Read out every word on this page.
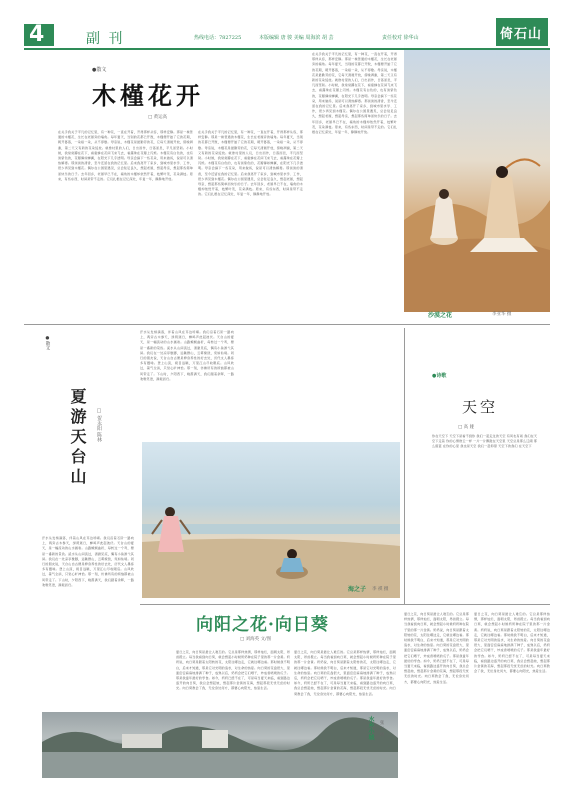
4	副 刊	热线电话：7827225	本版编辑 唐 骏 美编 周海滨 胡 芸	责任校对 徐华山	倚石山
●散文
木槿花开
□ 黄运高
在关乎我关于平凡的记忆里，有一种花，一直在开着，开得那样从容，那样安静。那是一株普通的木槿花，生长在老屋旁的墙角。每年夏天，当别的花都已开败，木槿便开始了它的花期，朝开暮落，一朵接一朵，从不停歇。母亲说，木槿花是最勤劳的花，它每天清晨开放，傍晚凋谢，第二天又有新的花朵绽放。就像村里的人们，日出而作，日落而息，平凡而坚韧。小时候，我常常蹲在花下，看蜜蜂在花间飞来飞去，看露珠在花瓣上闪烁。木槿花有白色的，也有淡紫色的，花瓣薄如蝉翼，在阳光下几乎透明。母亲会摘下一些花朵，用来做汤，说是可以清热解毒。那淡淡的清香，至今还留在我的记忆里。后来我离开了家乡，到城市里求学、工作，很少再见到木槿花。偶尔在公园里遇见，总会驻足良久，想起老屋，想起母亲，想起那些简单而快乐的日子。去年回乡，老屋早已不在，墙角的木槿却依然开着，枝繁叶茂，花朵满枝。原来，有些东西，时间是带不走的。它们扎根在记忆深处，年复一年，静静地开放。
在关乎我关于平凡的记忆里，有一种花，一直在开着，开得那样从容，那样安静。那是一株普通的木槿花，生长在老屋旁的墙角。每年夏天，当别的花都已开败，木槿便开始了它的花期，朝开暮落，一朵接一朵，从不停歇。母亲说，木槿花是最勤劳的花，它每天清晨开放，傍晚凋谢，第二天又有新的花朵绽放。就像村里的人们，日出而作，日落而息，平凡而坚韧。小时候，我常常蹲在花下，看蜜蜂在花间飞来飞去，看露珠在花瓣上闪烁。木槿花有白色的，也有淡紫色的，花瓣薄如蝉翼，在阳光下几乎透明。母亲会摘下一些花朵，用来做汤，说是可以清热解毒。那淡淡的清香，至今还留在我的记忆里。后来我离开了家乡，到城市里求学、工作，很少再见到木槿花。偶尔在公园里遇见，总会驻足良久，想起老屋，想起母亲，想起那些简单而快乐的日子。去年回乡，老屋早已不在，墙角的木槿却依然开着，枝繁叶茂，花朵满枝。原来，有些东西，时间是带不走的。它们扎根在记忆深处，年复一年，静静地开放。
在关乎我关于平凡的记忆里，有一种花，一直在开着，开得那样从容，那样安静。那是一株普通的木槿花，生长在老屋旁的墙角。每年夏天，当别的花都已开败，木槿便开始了它的花期，朝开暮落，一朵接一朵，从不停歇。母亲说，木槿花是最勤劳的花，它每天清晨开放，傍晚凋谢，第二天又有新的花朵绽放。就像村里的人们，日出而作，日落而息，平凡而坚韧。小时候，我常常蹲在花下，看蜜蜂在花间飞来飞去，看露珠在花瓣上闪烁。木槿花有白色的，也有淡紫色的，花瓣薄如蝉翼，在阳光下几乎透明。母亲会摘下一些花朵，用来做汤，说是可以清热解毒。那淡淡的清香，至今还留在我的记忆里。后来我离开了家乡，到城市里求学、工作，很少再见到木槿花。偶尔在公园里遇见，总会驻足良久，想起老屋，想起母亲，想起那些简单而快乐的日子。去年回乡，老屋早已不在，墙角的木槿却依然开着，枝繁叶茂，花朵满枝。原来，有些东西，时间是带不走的。它们扎根在记忆深处，年复一年，静静地开放。
沙漠之花	李亚华 摄
●散文
夏游天台山	□ 贺永阳 陈林
汗水从发梢滴落，伴着山风在耳边呼啸。我们沿着石阶一路向上，两旁古木参天，绿荫遮日，蝉鸣声此起彼伏。天台山的夏天，是一幅流动的山水画卷。山路蜿蜒曲折，每转过一个弯，便是一番新的景致。溪水从山间流过，清澈见底，偶有小鱼游弋其间。我们在一处凉亭歇脚，远眺群山，云雾缭绕，宛如仙境。同行的朋友说，天台山自古便是修身养性的好去处，历代文人墨客多有题咏。登上山顶，极目远眺，万里江山尽收眼底。山风吹过，暑气全消，只觉心旷神怡。那一刻，仿佛所有的烦恼都被山风带走了。下山时，夕阳西下，晚霞满天，我们踏着余晖，一路欢歌笑语，满载而归。
汗水从发梢滴落，伴着山风在耳边呼啸。我们沿着石阶一路向上，两旁古木参天，绿荫遮日，蝉鸣声此起彼伏。天台山的夏天，是一幅流动的山水画卷。山路蜿蜒曲折，每转过一个弯，便是一番新的景致。溪水从山间流过，清澈见底，偶有小鱼游弋其间。我们在一处凉亭歇脚，远眺群山，云雾缭绕，宛如仙境。同行的朋友说，天台山自古便是修身养性的好去处，历代文人墨客多有题咏。登上山顶，极目远眺，万里江山尽收眼底。山风吹过，暑气全消，只觉心旷神怡。那一刻，仿佛所有的烦恼都被山风带走了。下山时，夕阳西下，晚霞满天，我们踏着余晖，一路欢歌笑语，满载而归。
海之子 李 祺 摄
●诗歌
天空
□ 高 娅
你在天空下 天空下是看不到你 我们一起走过的天空 有风也有雨 我们在天空下走着 你的心情像云一样 一片一片飘散在天空里 天空总是那么辽阔 那么蔚蓝 在你的心里 我也是天空 我们一起仰望 天空下的我们 在天空下
向阳之花·向日葵
□ 刘海英 文/图
夏日之花，向日葵是最让人难忘的。它总是那样热情，那样灿烂，面朝太阳，昂首挺立。每当我看到向日葵，就会想起小时候奶奶种在院子里的那一片金黄。奶奶说，向日葵是跟着太阳转的花，太阳往哪边走，它就往哪边看。那时候我不明白，后来才知道，那是它对光明的追求，对生命的热爱。向日葵的花盘很大，里面密密麻麻地排满了种子，成熟以后，奶奶会把它们晒干，炒成香喷喷的瓜子。那是我童年最好的零食。如今，奶奶已经不在了，可是每当夏天来临，看到路边盛开的向日葵，我总会想起她，想起那片金黄的花海，想起那段无忧无虑的时光。向日葵教会了我，无论身处何方，都要心向阳光，热爱生活。
夏日之花，向日葵是最让人难忘的。它总是那样热情，那样灿烂，面朝太阳，昂首挺立。每当我看到向日葵，就会想起小时候奶奶种在院子里的那一片金黄。奶奶说，向日葵是跟着太阳转的花，太阳往哪边走，它就往哪边看。那时候我不明白，后来才知道，那是它对光明的追求，对生命的热爱。向日葵的花盘很大，里面密密麻麻地排满了种子，成熟以后，奶奶会把它们晒干，炒成香喷喷的瓜子。那是我童年最好的零食。如今，奶奶已经不在了，可是每当夏天来临，看到路边盛开的向日葵，我总会想起她，想起那片金黄的花海，想起那段无忧无虑的时光。向日葵教会了我，无论身处何方，都要心向阳光，热爱生活。
夏日之花，向日葵是最让人难忘的。它总是那样热情，那样灿烂，面朝太阳，昂首挺立。每当我看到向日葵，就会想起小时候奶奶种在院子里的那一片金黄。奶奶说，向日葵是跟着太阳转的花，太阳往哪边走，它就往哪边看。那时候我不明白，后来才知道，那是它对光明的追求，对生命的热爱。向日葵的花盘很大，里面密密麻麻地排满了种子，成熟以后，奶奶会把它们晒干，炒成香喷喷的瓜子。那是我童年最好的零食。如今，奶奶已经不在了，可是每当夏天来临，看到路边盛开的向日葵，我总会想起她，想起那片金黄的花海，想起那段无忧无虑的时光。向日葵教会了我，无论身处何方，都要心向阳光，热爱生活。
夏日之花，向日葵是最让人难忘的。它总是那样热情，那样灿烂，面朝太阳，昂首挺立。每当我看到向日葵，就会想起小时候奶奶种在院子里的那一片金黄。奶奶说，向日葵是跟着太阳转的花，太阳往哪边走，它就往哪边看。那时候我不明白，后来才知道，那是它对光明的追求，对生命的热爱。向日葵的花盘很大，里面密密麻麻地排满了种子，成熟以后，奶奶会把它们晒干，炒成香喷喷的瓜子。那是我童年最好的零食。如今，奶奶已经不在了，可是每当夏天来临，看到路边盛开的向日葵，我总会想起她，想起那片金黄的花海，想起那段无忧无虑的时光。向日葵教会了我，无论身处何方，都要心向阳光，热爱生活。
水乡小城 张 仁 摄
